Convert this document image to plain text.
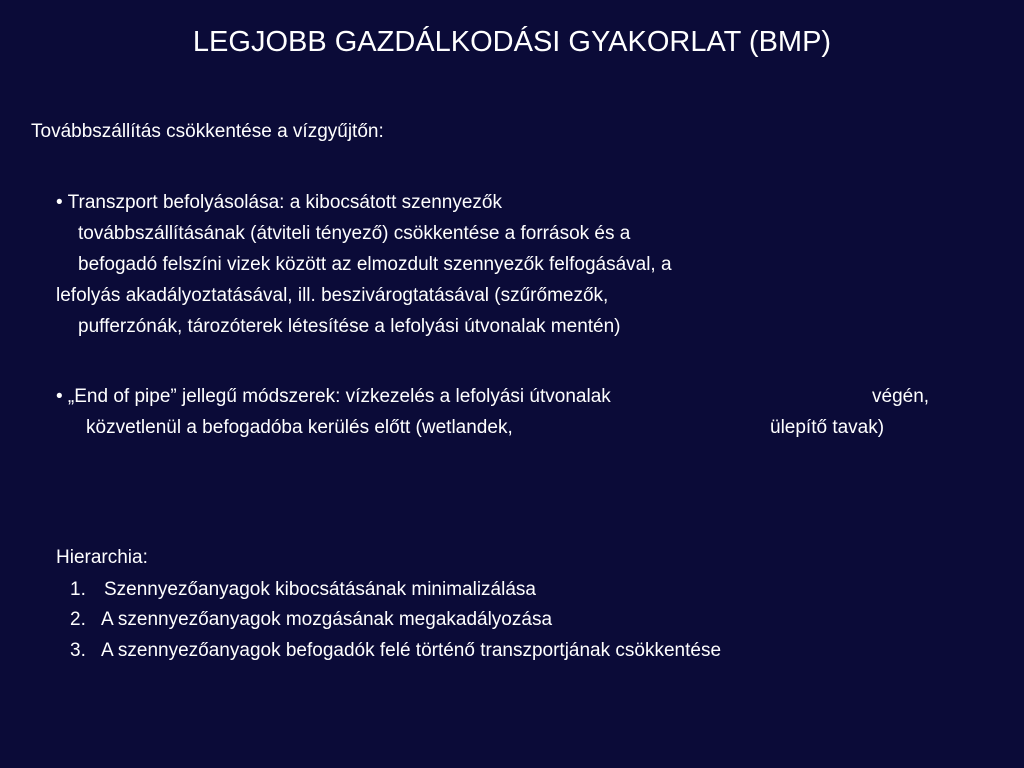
LEGJOBB GAZDÁLKODÁSI GYAKORLAT (BMP)
Továbbszállítás csökkentése a vízgyűjtőn:
• Transzport befolyásolása: a kibocsátott szennyezők
továbbszállításának (átviteli tényező) csökkentése a források és a
befogadó felszíni vizek között az elmozdult szennyezők felfogásával, a
lefolyás akadályoztatásával, ill. beszivárogtatásával (szűrőmezők,
pufferzónák, tározóterek létesítése a lefolyási útvonalak mentén)
• „End of pipe” jellegű módszerek: vízkezelés a lefolyási útvonalak	végén,
közvetlenül a befogadóba kerülés előtt (wetlandek,	ülepítő tavak)
Hierarchia:
1. Szennyezőanyagok kibocsátásának minimalizálása
2. A szennyezőanyagok mozgásának megakadályozása
3. A szennyezőanyagok befogadók felé történő transzportjának csökkentése
